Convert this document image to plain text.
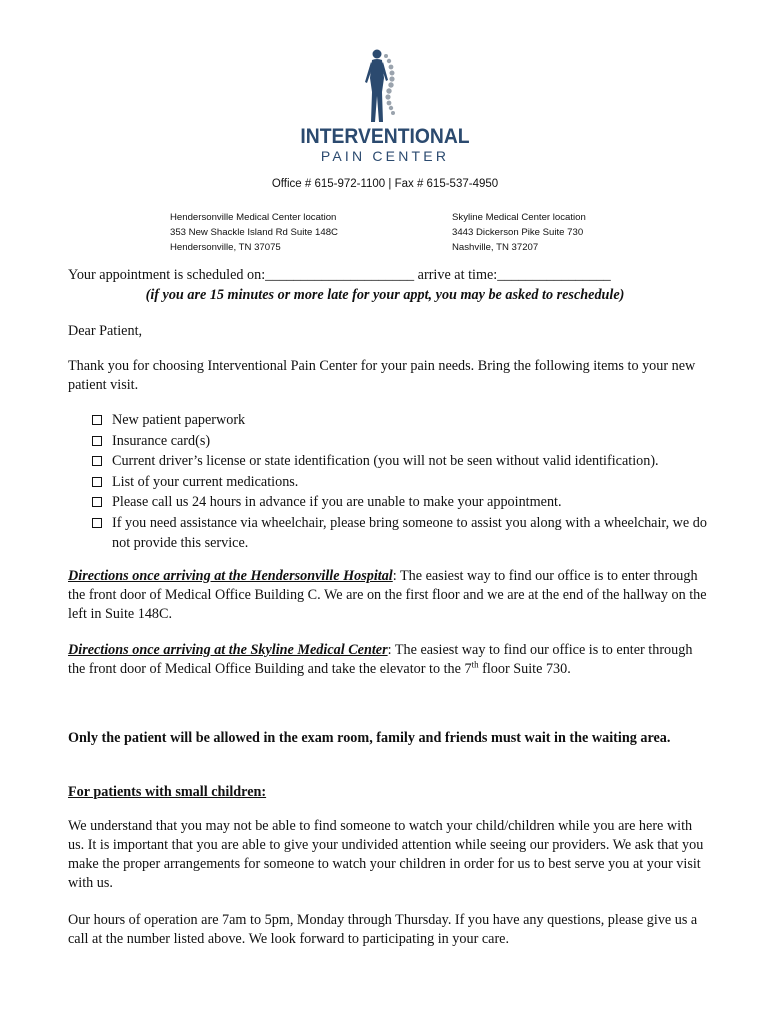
INTERVENTIONAL
PAIN CENTER
Office # 615-972-1100 | Fax # 615-537-4950
Hendersonville Medical Center location
353 New Shackle Island Rd Suite 148C
Hendersonville, TN 37075
Skyline Medical Center location
3443 Dickerson Pike Suite 730
Nashville, TN 37207
Your appointment is scheduled on:_____________________ arrive at time:________________
(if you are 15 minutes or more late for your appt, you may be asked to reschedule)
Dear Patient,
Thank you for choosing Interventional Pain Center for your pain needs. Bring the following items to your new patient visit.
New patient paperwork
Insurance card(s)
Current driver’s license or state identification (you will not be seen without valid identification).
List of your current medications.
Please call us 24 hours in advance if you are unable to make your appointment.
If you need assistance via wheelchair, please bring someone to assist you along with a wheelchair, we do not provide this service.
Directions once arriving at the Hendersonville Hospital: The easiest way to find our office is to enter through the front door of Medical Office Building C. We are on the first floor and we are at the end of the hallway on the left in Suite 148C.
Directions once arriving at the Skyline Medical Center: The easiest way to find our office is to enter through the front door of Medical Office Building and take the elevator to the 7th floor Suite 730.
Only the patient will be allowed in the exam room, family and friends must wait in the waiting area.
For patients with small children:
We understand that you may not be able to find someone to watch your child/children while you are here with us. It is important that you are able to give your undivided attention while seeing our providers. We ask that you make the proper arrangements for someone to watch your children in order for us to best serve you at your visit with us.
Our hours of operation are 7am to 5pm, Monday through Thursday. If you have any questions, please give us a call at the number listed above. We look forward to participating in your care.
